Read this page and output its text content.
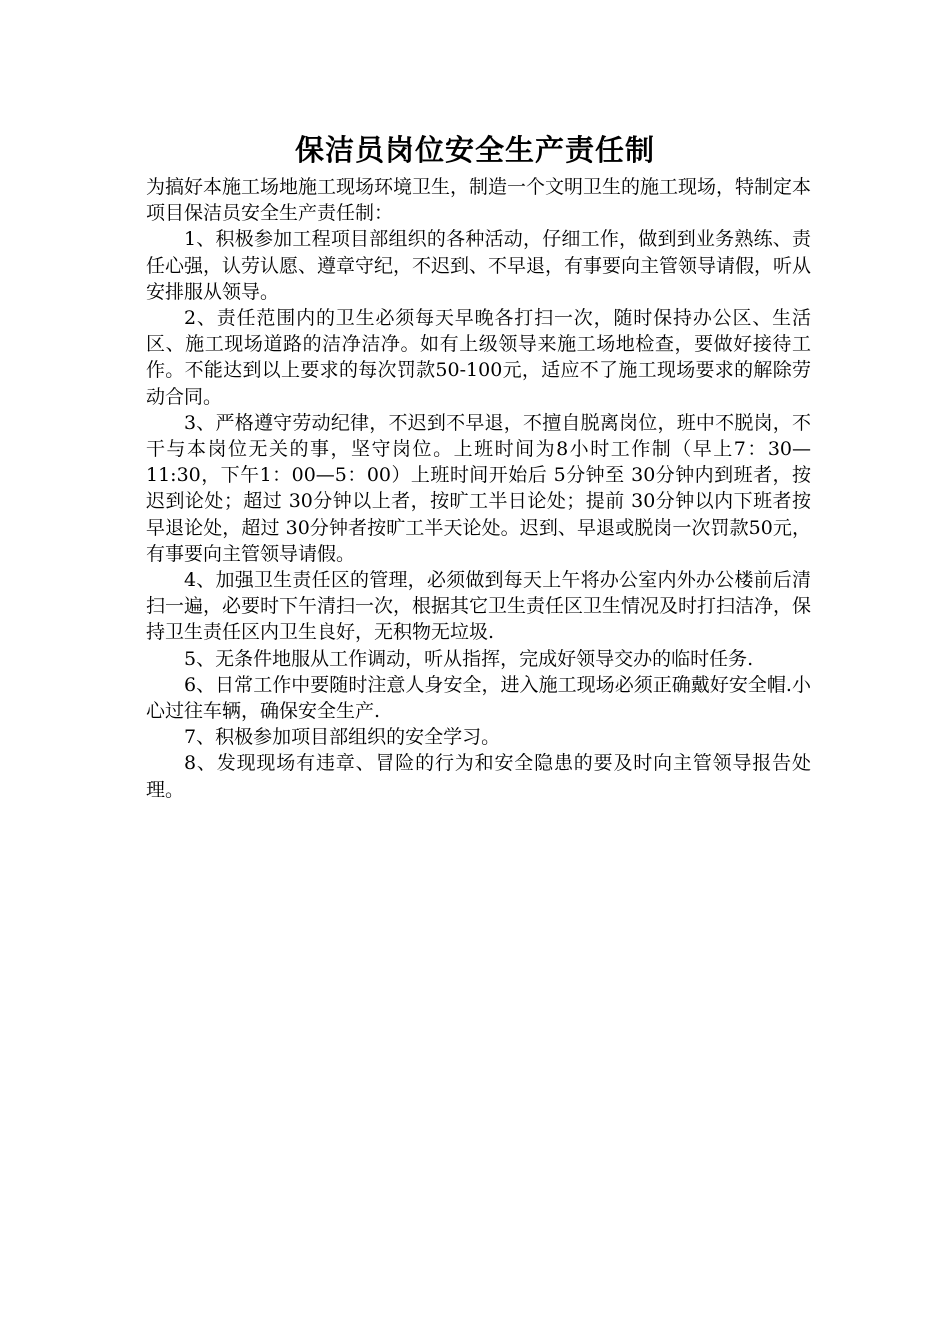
保洁员岗位安全生产责任制

为搞好本施工场地施工现场环境卫生，制造一个文明卫生的施工现场，特制定本项目保洁员安全生产责任制：

1、积极参加工程项目部组织的各种活动，仔细工作，做到到业务熟练、责任心强，认劳认愿、遵章守纪，不迟到、不早退，有事要向主管领导请假，听从安排服从领导。

2、责任范围内的卫生必须每天早晚各打扫一次，随时保持办公区、生活区、施工现场道路的洁净洁净。如有上级领导来施工场地检查，要做好接待工作。不能达到以上要求的每次罚款50-100元，适应不了施工现场要求的解除劳动合同。

3、严格遵守劳动纪律，不迟到不早退，不擅自脱离岗位，班中不脱岗，不干与本岗位无关的事，坚守岗位。上班时间为8小时工作制（早上7：30—11:30，下午1：00—5：00）上班时间开始后 5分钟至 30分钟内到班者，按迟到论处；超过 30分钟以上者，按旷工半日论处；提前 30分钟以内下班者按早退论处，超过 30分钟者按旷工半天论处。迟到、早退或脱岗一次罚款50元，有事要向主管领导请假。

4、加强卫生责任区的管理，必须做到每天上午将办公室内外办公楼前后清扫一遍，必要时下午清扫一次，根据其它卫生责任区卫生情况及时打扫洁净，保持卫生责任区内卫生良好，无积物无垃圾.

5、无条件地服从工作调动，听从指挥，完成好领导交办的临时任务.

6、日常工作中要随时注意人身安全，进入施工现场必须正确戴好安全帽.小心过往车辆，确保安全生产.

7、积极参加项目部组织的安全学习。

8、发现现场有违章、冒险的行为和安全隐患的要及时向主管领导报告处理。
